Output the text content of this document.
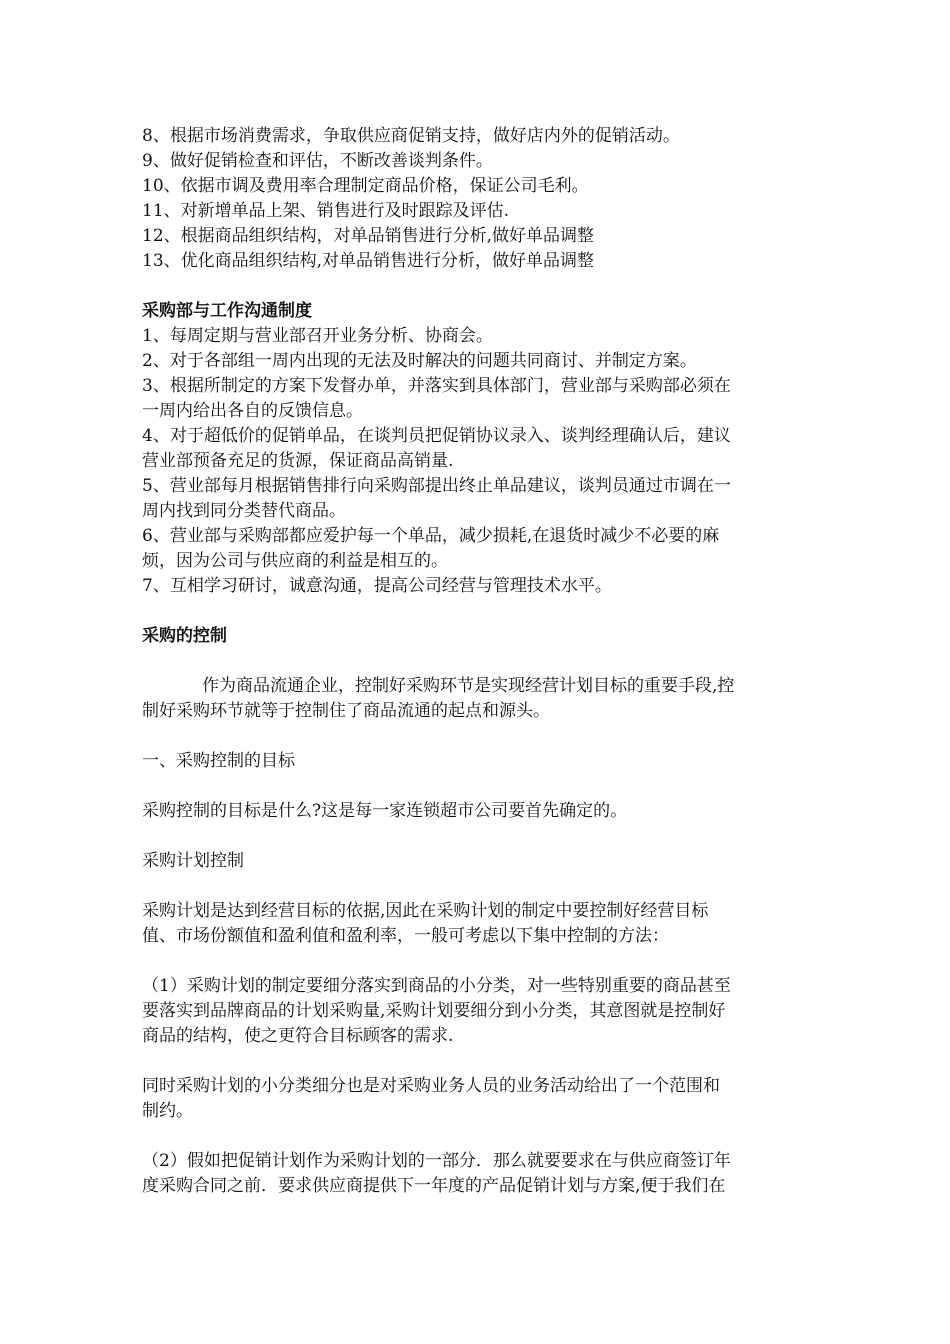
8、根据市场消费需求，争取供应商促销支持，做好店内外的促销活动。
9、做好促销检查和评估，不断改善谈判条件。
10、依据市调及费用率合理制定商品价格，保证公司毛利。
11、对新增单品上架、销售进行及时跟踪及评估.
12、根据商品组织结构，对单品销售进行分析,做好单品调整
13、优化商品组织结构,对单品销售进行分析，做好单品调整
采购部与工作沟通制度
1、每周定期与营业部召开业务分析、协商会。
2、对于各部组一周内出现的无法及时解决的问题共同商讨、并制定方案。
3、根据所制定的方案下发督办单，并落实到具体部门，营业部与采购部必须在
一周内给出各自的反馈信息。
4、对于超低价的促销单品，在谈判员把促销协议录入、谈判经理确认后，建议
营业部预备充足的货源，保证商品高销量.
5、营业部每月根据销售排行向采购部提出终止单品建议，谈判员通过市调在一
周内找到同分类替代商品。
6、营业部与采购部都应爱护每一个单品，减少损耗,在退货时减少不必要的麻
烦，因为公司与供应商的利益是相互的。
7、互相学习研讨，诚意沟通，提高公司经营与管理技术水平。
采购的控制
作为商品流通企业，控制好采购环节是实现经营计划目标的重要手段,控
制好采购环节就等于控制住了商品流通的起点和源头。
一、采购控制的目标
采购控制的目标是什么?这是每一家连锁超市公司要首先确定的。
采购计划控制
采购计划是达到经营目标的依据,因此在采购计划的制定中要控制好经营目标
值、市场份额值和盈利值和盈利率，一般可考虑以下集中控制的方法：
（1）采购计划的制定要细分落实到商品的小分类，对一些特别重要的商品甚至
要落实到品牌商品的计划采购量,采购计划要细分到小分类，其意图就是控制好
商品的结构，使之更符合目标顾客的需求.
同时采购计划的小分类细分也是对采购业务人员的业务活动给出了一个范围和
制约。
（2）假如把促销计划作为采购计划的一部分．那么就要要求在与供应商签订年
度采购合同之前．要求供应商提供下一年度的产品促销计划与方案,便于我们在
